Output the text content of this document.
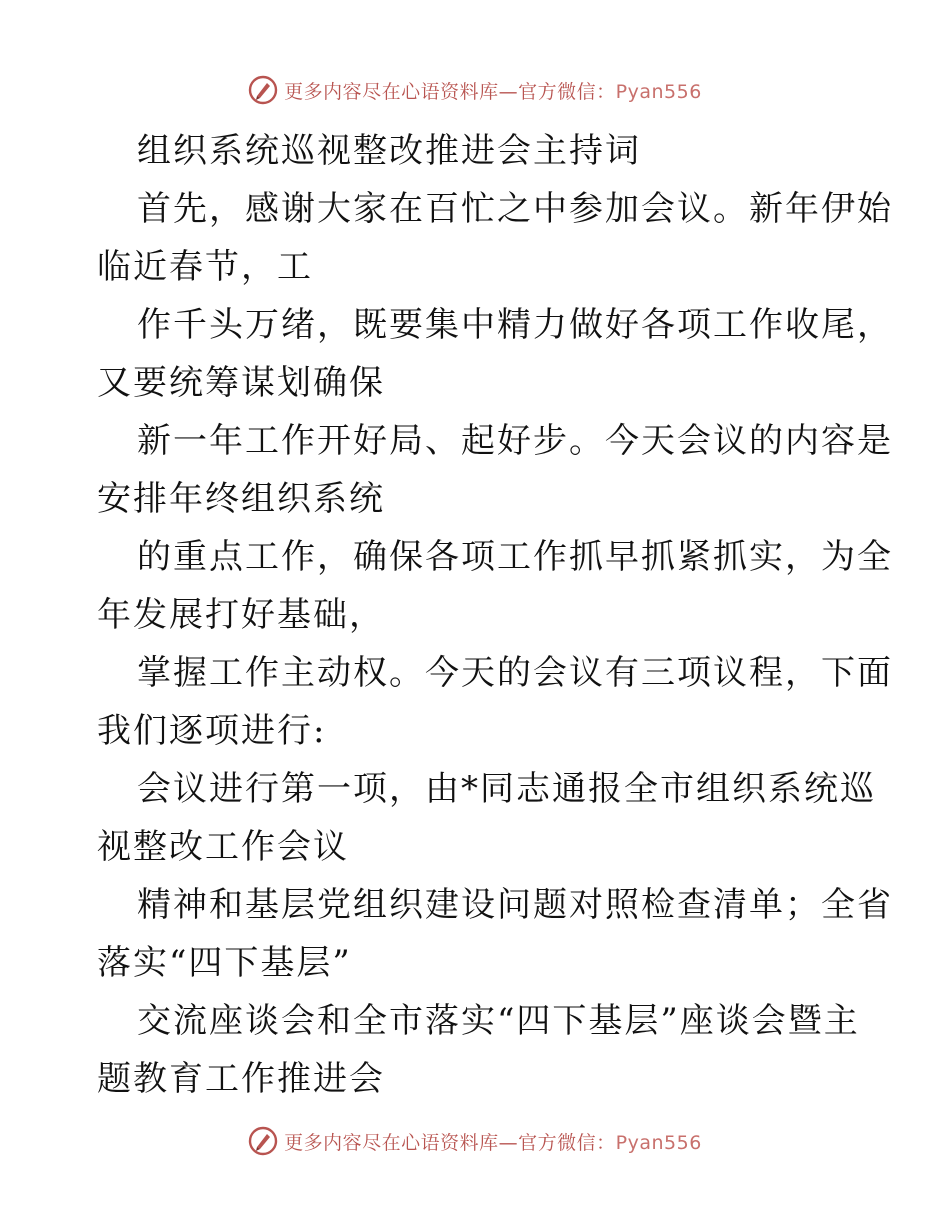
更多内容尽在心语资料库—官方微信：Pyan556

组织系统巡视整改推进会主持词

首先，感谢大家在百忙之中参加会议。新年伊始

临近春节，工

作千头万绪，既要集中精力做好各项工作收尾，

又要统筹谋划确保

新一年工作开好局、起好步。今天会议的内容是

安排年终组织系统

的重点工作，确保各项工作抓早抓紧抓实，为全

年发展打好基础，

掌握工作主动权。今天的会议有三项议程，下面

我们逐项进行:

会议进行第一项，由*同志通报全市组织系统巡

视整改工作会议

精神和基层党组织建设问题对照检查清单；全省

落实“四下基层”

交流座谈会和全市落实“四下基层”座谈会暨主

题教育工作推进会

更多内容尽在心语资料库—官方微信：Pyan556
